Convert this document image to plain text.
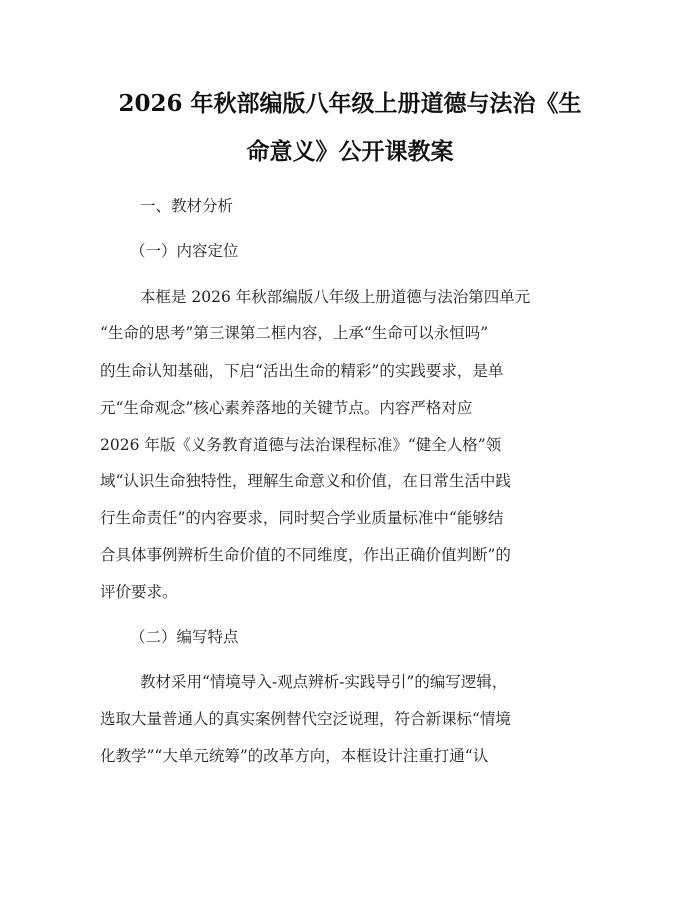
2026 年秋部编版八年级上册道德与法治《生
命意义》公开课教案
一、教材分析
（一）内容定位
本框是 2026 年秋部编版八年级上册道德与法治第四单元
“生命的思考”第三课第二框内容，上承“生命可以永恒吗”
的生命认知基础，下启“活出生命的精彩”的实践要求，是单
元“生命观念”核心素养落地的关键节点。内容严格对应
2026 年版《义务教育道德与法治课程标准》“健全人格”领
域“认识生命独特性，理解生命意义和价值，在日常生活中践
行生命责任”的内容要求，同时契合学业质量标准中“能够结
合具体事例辨析生命价值的不同维度，作出正确价值判断”的
评价要求。
（二）编写特点
教材采用“情境导入-观点辨析-实践导引”的编写逻辑，
选取大量普通人的真实案例替代空泛说理，符合新课标“情境
化教学”“大单元统筹”的改革方向，本框设计注重打通“认
